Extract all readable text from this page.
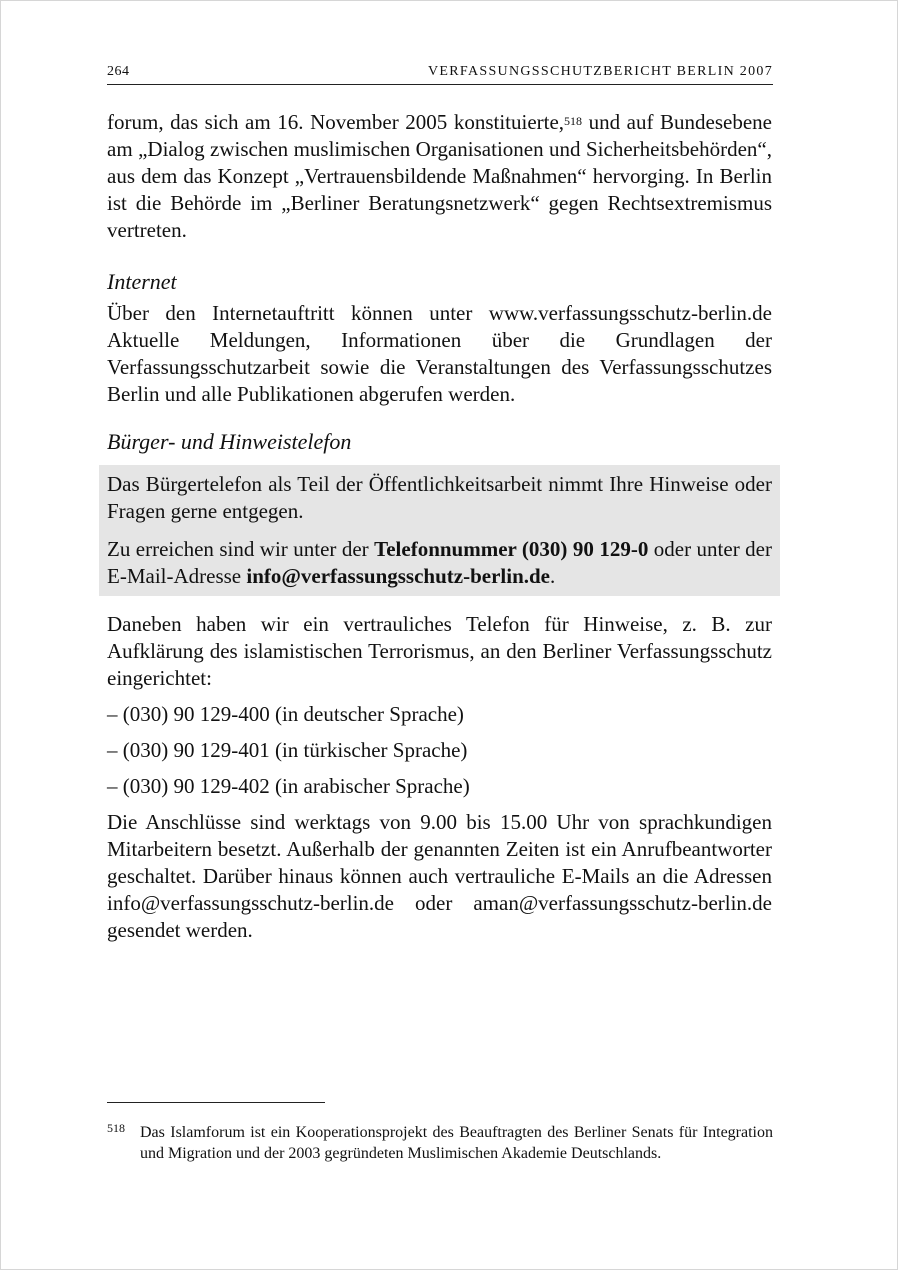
264	VERFASSUNGSSCHUTZBERICHT BERLIN 2007

forum, das sich am 16. November 2005 konstituierte,$^{518}$ und auf Bundesebene am „Dialog zwischen muslimischen Organisationen und Sicherheitsbehörden“, aus dem das Konzept „Vertrauensbildende Maßnahmen“ hervorging. In Berlin ist die Behörde im „Berliner Beratungsnetzwerk“ gegen Rechtsextremismus vertreten.

Internet

Über den Internetauftritt können unter www.verfassungsschutz-berlin.de Aktuelle Meldungen, Informationen über die Grundlagen der Verfassungsschutzarbeit sowie die Veranstaltungen des Verfassungsschutzes Berlin und alle Publikationen abgerufen werden.

Bürger- und Hinweistelefon

Das Bürgertelefon als Teil der Öffentlichkeitsarbeit nimmt Ihre Hinweise oder Fragen gerne entgegen.

Zu erreichen sind wir unter der Telefonnummer (030) 90 129-0 oder unter der E-Mail-Adresse info@verfassungsschutz-berlin.de.

Daneben haben wir ein vertrauliches Telefon für Hinweise, z. B. zur Aufklärung des islamistischen Terrorismus, an den Berliner Verfassungsschutz eingerichtet:

– (030) 90 129-400 (in deutscher Sprache)

– (030) 90 129-401 (in türkischer Sprache)

– (030) 90 129-402 (in arabischer Sprache)

Die Anschlüsse sind werktags von 9.00 bis 15.00 Uhr von sprachkundigen Mitarbeitern besetzt. Außerhalb der genannten Zeiten ist ein Anrufbeantworter geschaltet. Darüber hinaus können auch vertrauliche E-Mails an die Adressen info@verfassungsschutz-berlin.de oder aman@verfassungsschutz-berlin.de gesendet werden.

518 Das Islamforum ist ein Kooperationsprojekt des Beauftragten des Berliner Senats für Integration und Migration und der 2003 gegründeten Muslimischen Akademie Deutschlands.
